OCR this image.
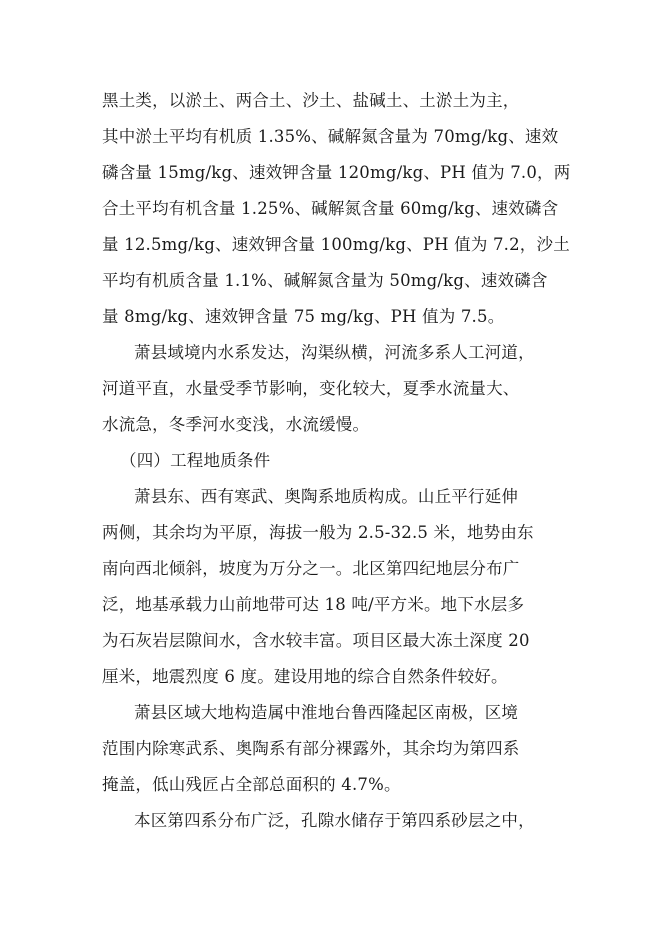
黑土类，以淤土、两合土、沙土、盐碱土、土淤土为主，
其中淤土平均有机质 1.35%、碱解氮含量为 70mg/kg、速效
磷含量 15mg/kg、速效钾含量 120mg/kg、PH 值为 7.0，两
合土平均有机含量 1.25%、碱解氮含量 60mg/kg、速效磷含
量 12.5mg/kg、速效钾含量 100mg/kg、PH 值为 7.2，沙土
平均有机质含量 1.1%、碱解氮含量为 50mg/kg、速效磷含
量 8mg/kg、速效钾含量 75 mg/kg、PH 值为 7.5。
萧县域境内水系发达，沟渠纵横，河流多系人工河道，
河道平直，水量受季节影响，变化较大，夏季水流量大、
水流急，冬季河水变浅，水流缓慢。
（四）工程地质条件
萧县东、西有寒武、奥陶系地质构成。山丘平行延伸
两侧，其余均为平原，海拔一般为 2.5-32.5 米，地势由东
南向西北倾斜，坡度为万分之一。北区第四纪地层分布广
泛，地基承载力山前地带可达 18 吨/平方米。地下水层多
为石灰岩层隙间水，含水较丰富。项目区最大冻土深度 20
厘米，地震烈度 6 度。建设用地的综合自然条件较好。
萧县区域大地构造属中淮地台鲁西隆起区南极，区境
范围内除寒武系、奥陶系有部分裸露外，其余均为第四系
掩盖，低山残匠占全部总面积的 4.7%。
本区第四系分布广泛，孔隙水储存于第四系砂层之中，
